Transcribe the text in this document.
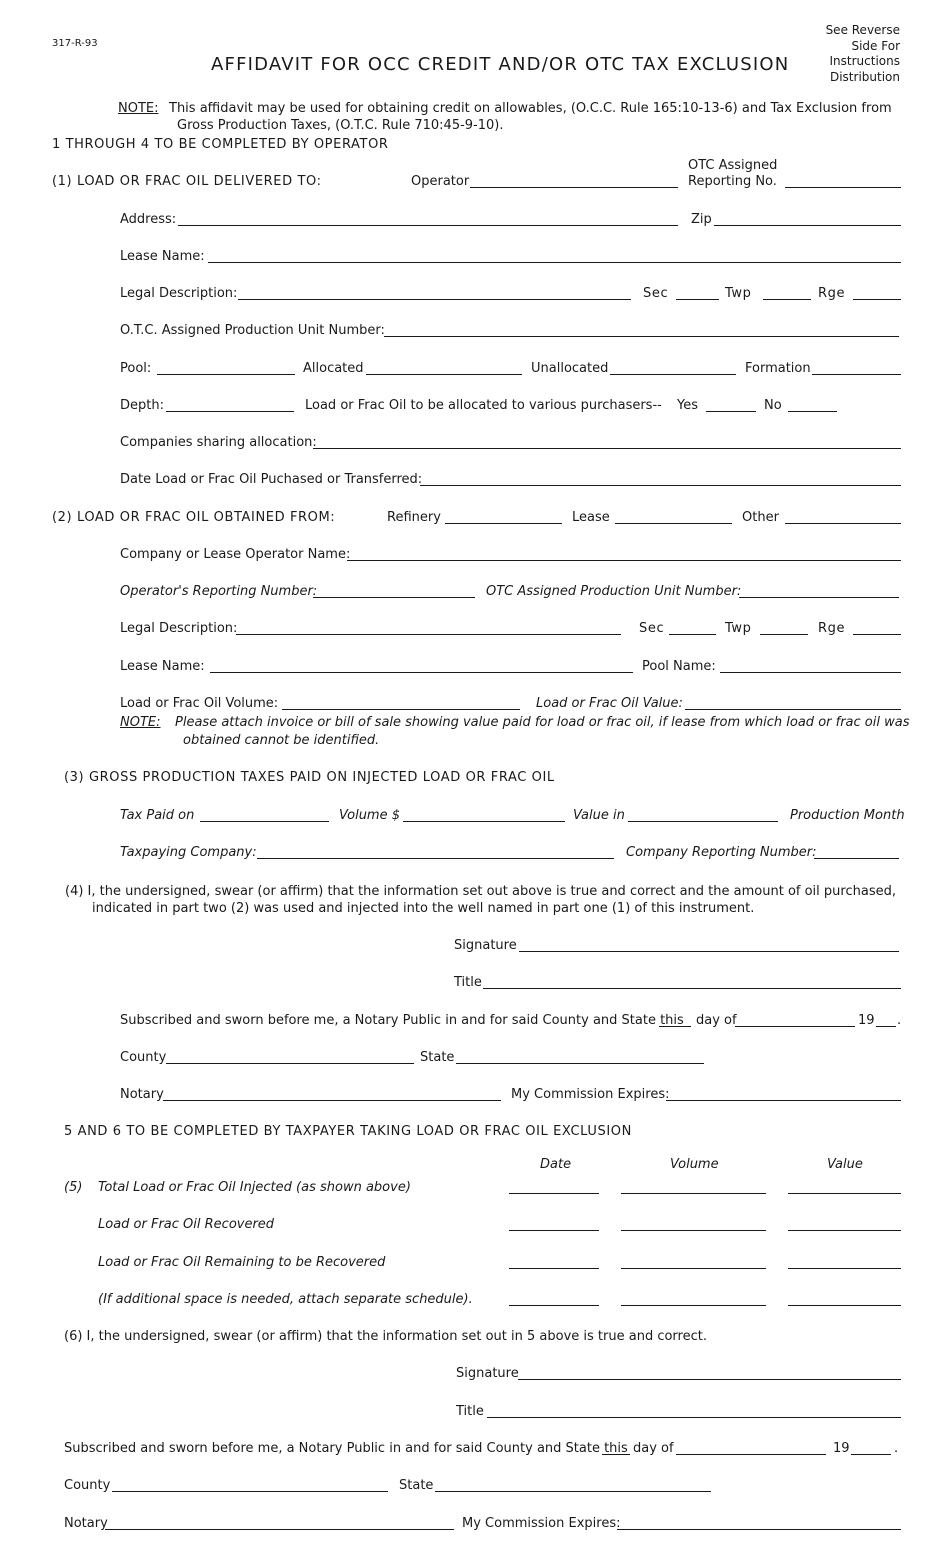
317-R-93
AFFIDAVIT FOR OCC CREDIT AND/OR OTC TAX EXCLUSION
See Reverse
Side For
Instructions
Distribution
NOTE: This affidavit may be used for obtaining credit on allowables, (O.C.C. Rule 165:10-13-6) and Tax Exclusion from
Gross Production Taxes, (O.T.C. Rule 710:45-9-10).
1 THROUGH 4 TO BE COMPLETED BY OPERATOR
(1) LOAD OR FRAC OIL DELIVERED TO:	Operator
OTC Assigned
Reporting No.
Address:	Zip
Lease Name:
Legal Description:	Sec	Twp	Rge
O.T.C. Assigned Production Unit Number:
Pool:	Allocated	Unallocated	Formation
Depth:	Load or Frac Oil to be allocated to various purchasers-- Yes	No
Companies sharing allocation:
Date Load or Frac Oil Puchased or Transferred:
(2) LOAD OR FRAC OIL OBTAINED FROM:	Refinery	Lease	Other
Company or Lease Operator Name:
Operator's Reporting Number:	OTC Assigned Production Unit Number:
Legal Description:	Sec	Twp	Rge
Lease Name:	Pool Name:
Load or Frac Oil Volume:	Load or Frac Oil Value:
NOTE: Please attach invoice or bill of sale showing value paid for load or frac oil, if lease from which load or frac oil was
obtained cannot be identified.
(3) GROSS PRODUCTION TAXES PAID ON INJECTED LOAD OR FRAC OIL
Tax Paid on	Volume $	Value in	Production Month
Taxpaying Company:	Company Reporting Number:
(4) I, the undersigned, swear (or affirm) that the information set out above is true and correct and the amount of oil purchased,
indicated in part two (2) was used and injected into the well named in part one (1) of this instrument.
Signature
Title
Subscribed and sworn before me, a Notary Public in and for said County and State this day of	19 .
County	State
Notary	My Commission Expires:
5 AND 6 TO BE COMPLETED BY TAXPAYER TAKING LOAD OR FRAC OIL EXCLUSION
Date	Volume	Value
(5) Total Load or Frac Oil Injected (as shown above)
Load or Frac Oil Recovered
Load or Frac Oil Remaining to be Recovered
(If additional space is needed, attach separate schedule).
(6) I, the undersigned, swear (or affirm) that the information set out in 5 above is true and correct.
Signature
Title
Subscribed and sworn before me, a Notary Public in and for said County and State this day of	19	.
County	State
Notary	My Commission Expires:
